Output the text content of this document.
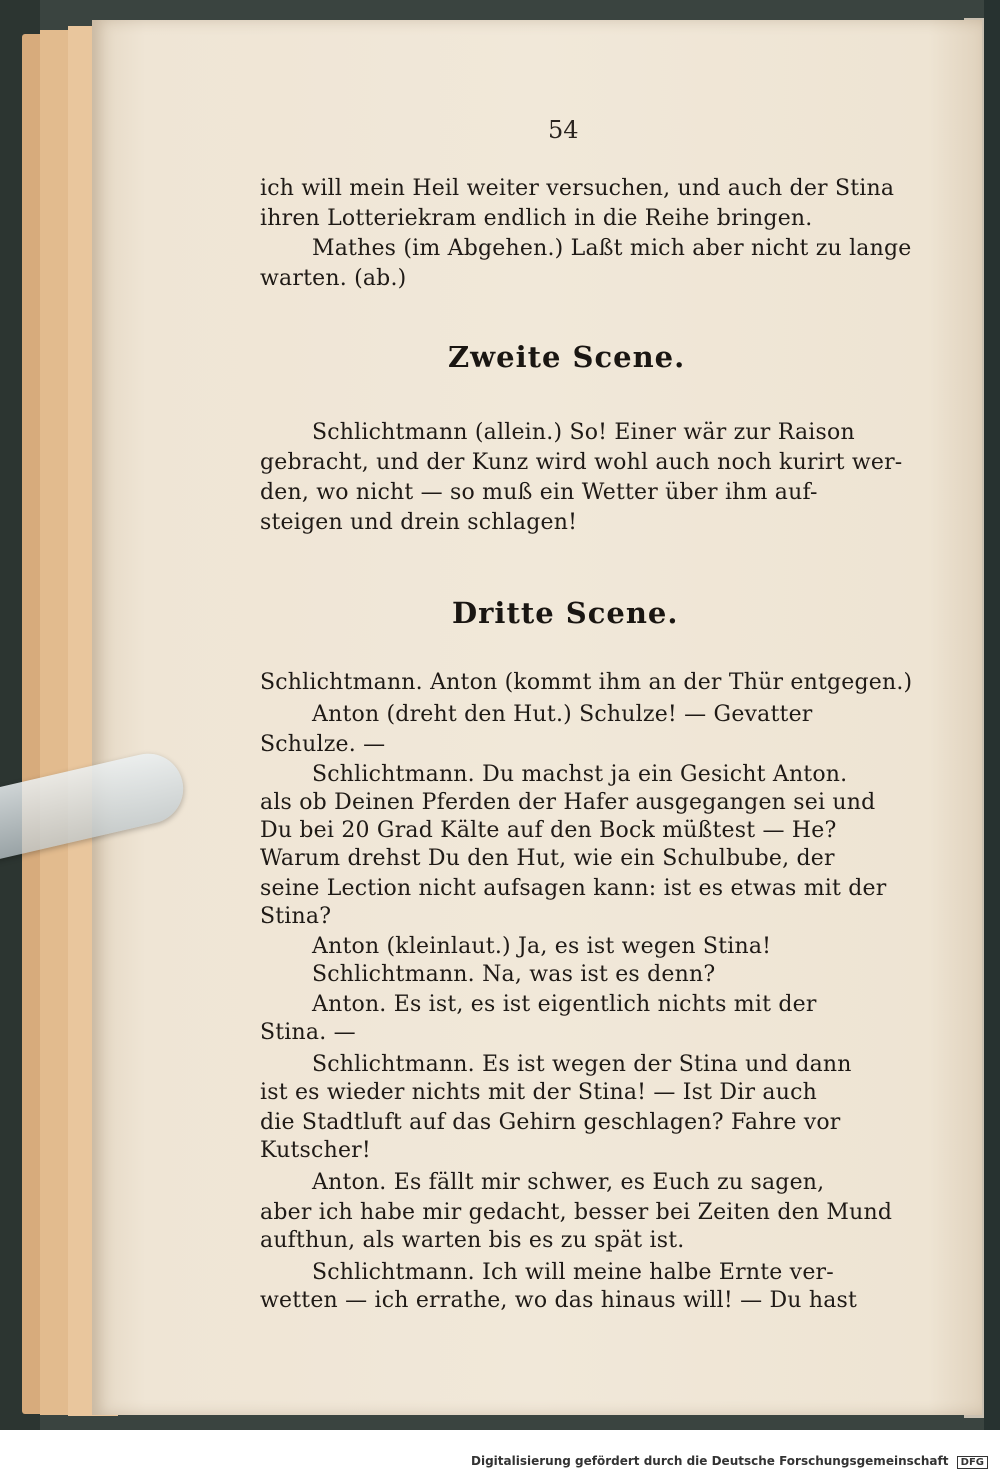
54
ich will mein Heil weiter versuchen, und auch der Stina
ihren Lotteriekram endlich in die Reihe bringen.
Mathes (im Abgehen.) Laßt mich aber nicht zu lange
warten. (ab.)
Zweite Scene.
Schlichtmann (allein.) So! Einer wär zur Raison
gebracht, und der Kunz wird wohl auch noch kurirt wer-
den, wo nicht — so muß ein Wetter über ihm auf-
steigen und drein schlagen!
Dritte Scene.
Schlichtmann. Anton (kommt ihm an der Thür entgegen.)
Anton (dreht den Hut.) Schulze! — Gevatter
Schulze. —
Schlichtmann. Du machst ja ein Gesicht Anton.
als ob Deinen Pferden der Hafer ausgegangen sei und
Du bei 20 Grad Kälte auf den Bock müßtest — He?
Warum drehst Du den Hut, wie ein Schulbube, der
seine Lection nicht aufsagen kann: ist es etwas mit der
Stina?
Anton (kleinlaut.) Ja, es ist wegen Stina!
Schlichtmann. Na, was ist es denn?
Anton. Es ist, es ist eigentlich nichts mit der
Stina. —
Schlichtmann. Es ist wegen der Stina und dann
ist es wieder nichts mit der Stina! — Ist Dir auch
die Stadtluft auf das Gehirn geschlagen? Fahre vor
Kutscher!
Anton. Es fällt mir schwer, es Euch zu sagen,
aber ich habe mir gedacht, besser bei Zeiten den Mund
aufthun, als warten bis es zu spät ist.
Schlichtmann. Ich will meine halbe Ernte ver-
wetten — ich errathe, wo das hinaus will! — Du hast
Digitalisierung gefördert durch die Deutsche Forschungsgemeinschaft DFG
